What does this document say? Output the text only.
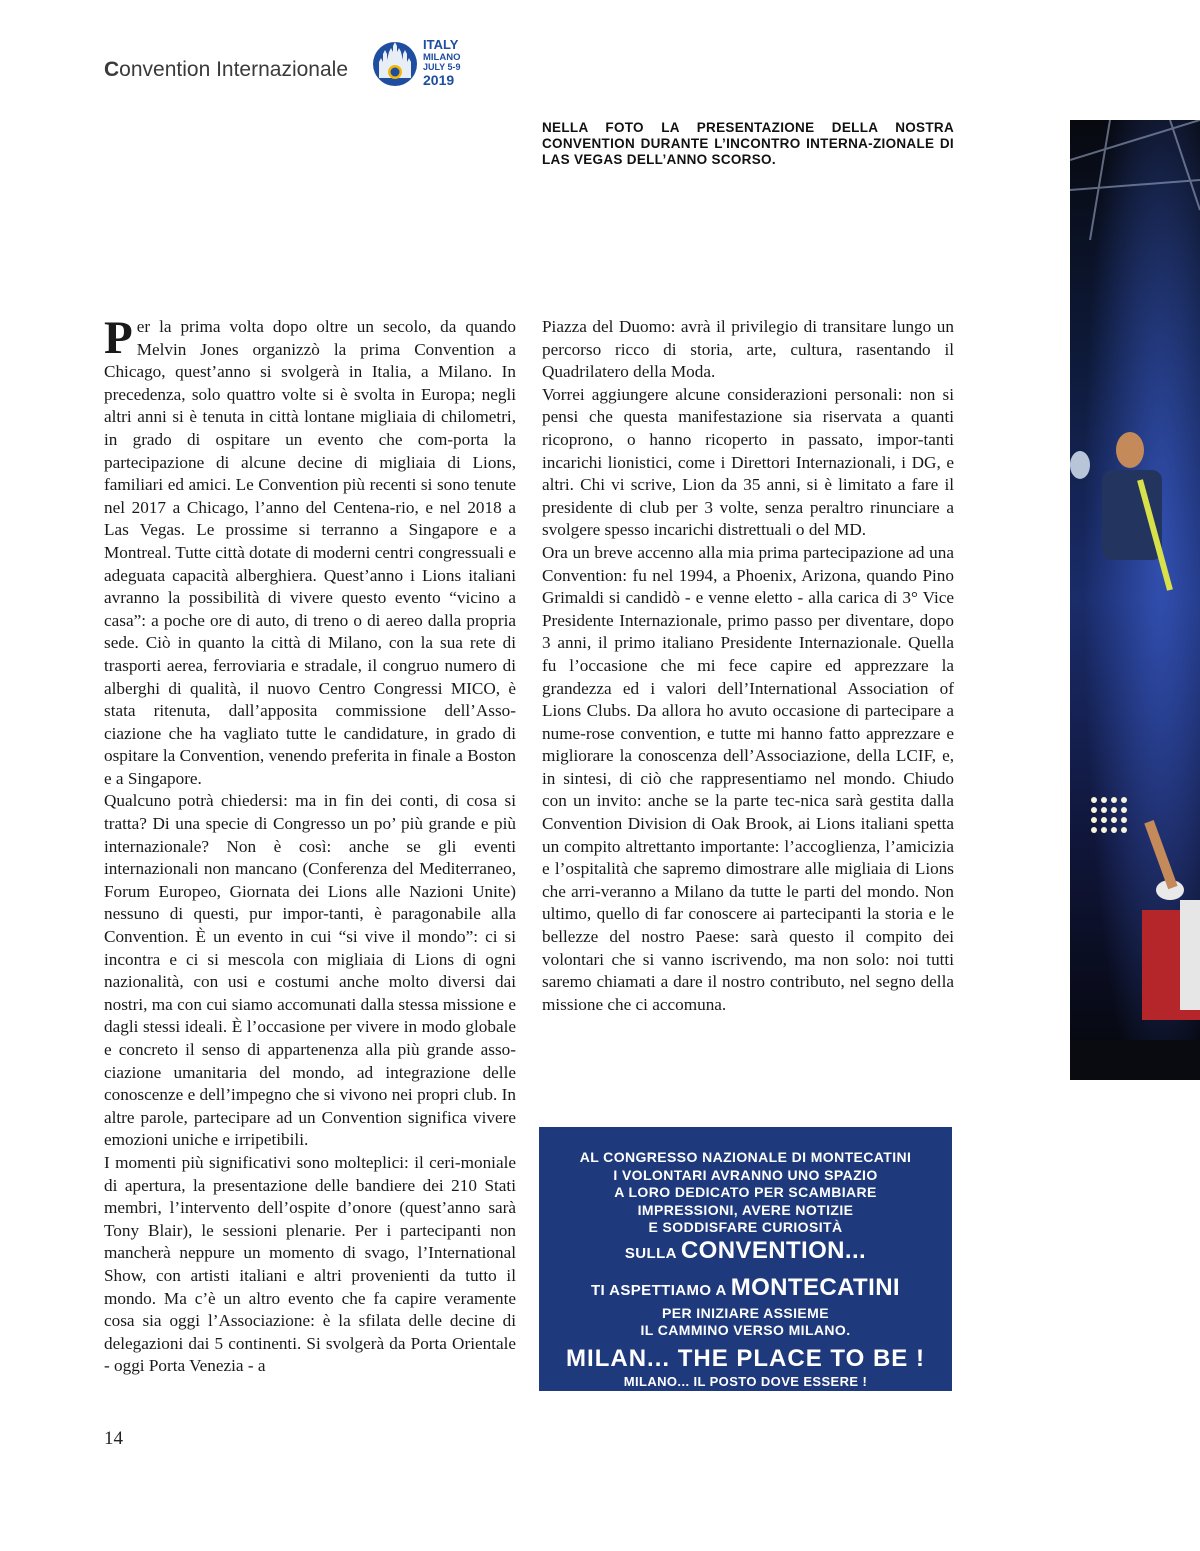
Convention Internazionale
ITALY
MILANO
JULY 5-9
2019
NELLA FOTO LA PRESENTAZIONE DELLA NOSTRA CONVENTION DURANTE L’INCONTRO INTERNA-ZIONALE DI LAS VEGAS DELL’ANNO SCORSO.

Per la prima volta dopo oltre un secolo, da quando Melvin Jones organizzò la prima Convention a Chicago, quest’anno si svolgerà in Italia, a Milano. In precedenza, solo quattro volte si è svolta in Europa; negli altri anni si è tenuta in città lontane migliaia di chilometri, in grado di ospitare un evento che com-porta la partecipazione di alcune decine di migliaia di Lions, familiari ed amici. Le Convention più recenti si sono tenute nel 2017 a Chicago, l’anno del Centena-rio, e nel 2018 a Las Vegas. Le prossime si terranno a Singapore e a Montreal. Tutte città dotate di moderni centri congressuali e adeguata capacità alberghiera. Quest’anno i Lions italiani avranno la possibilità di vivere questo evento “vicino a casa”: a poche ore di auto, di treno o di aereo dalla propria sede. Ciò in quanto la città di Milano, con la sua rete di trasporti aerea, ferroviaria e stradale, il congruo numero di alberghi di qualità, il nuovo Centro Congressi MICO, è stata ritenuta, dall’apposita commissione dell’Asso-ciazione che ha vagliato tutte le candidature, in grado di ospitare la Convention, venendo preferita in finale a Boston e a Singapore.

Qualcuno potrà chiedersi: ma in fin dei conti, di cosa si tratta? Di una specie di Congresso un po’ più grande e più internazionale? Non è così: anche se gli eventi internazionali non mancano (Conferenza del Mediterraneo, Forum Europeo, Giornata dei Lions alle Nazioni Unite) nessuno di questi, pur impor-tanti, è paragonabile alla Convention. È un evento in cui “si vive il mondo”: ci si incontra e ci si mescola con migliaia di Lions di ogni nazionalità, con usi e costumi anche molto diversi dai nostri, ma con cui siamo accomunati dalla stessa missione e dagli stessi ideali. È l’occasione per vivere in modo globale e concreto il senso di appartenenza alla più grande asso-ciazione umanitaria del mondo, ad integrazione delle conoscenze e dell’impegno che si vivono nei propri club. In altre parole, partecipare ad un Convention significa vivere emozioni uniche e irripetibili.

I momenti più significativi sono molteplici: il ceri-moniale di apertura, la presentazione delle bandiere dei 210 Stati membri, l’intervento dell’ospite d’onore (quest’anno sarà Tony Blair), le sessioni plenarie. Per i partecipanti non mancherà neppure un momento di svago, l’International Show, con artisti italiani e altri provenienti da tutto il mondo. Ma c’è un altro evento che fa capire veramente cosa sia oggi l’Associazione: è la sfilata delle decine di delegazioni dai 5 continenti. Si svolgerà da Porta Orientale - oggi Porta Venezia - a

Piazza del Duomo: avrà il privilegio di transitare lungo un percorso ricco di storia, arte, cultura, rasentando il Quadrilatero della Moda.

Vorrei aggiungere alcune considerazioni personali: non si pensi che questa manifestazione sia riservata a quanti ricoprono, o hanno ricoperto in passato, impor-tanti incarichi lionistici, come i Direttori Internazionali, i DG, e altri. Chi vi scrive, Lion da 35 anni, si è limitato a fare il presidente di club per 3 volte, senza peraltro rinunciare a svolgere spesso incarichi distrettuali o del MD.

Ora un breve accenno alla mia prima partecipazione ad una Convention: fu nel 1994, a Phoenix, Arizona, quando Pino Grimaldi si candidò - e venne eletto - alla carica di 3° Vice Presidente Internazionale, primo passo per diventare, dopo 3 anni, il primo italiano Presidente Internazionale. Quella fu l’occasione che mi fece capire ed apprezzare la grandezza ed i valori dell’International Association of Lions Clubs. Da allora ho avuto occasione di partecipare a nume-rose convention, e tutte mi hanno fatto apprezzare e migliorare la conoscenza dell’Associazione, della LCIF, e, in sintesi, di ciò che rappresentiamo nel mondo. Chiudo con un invito: anche se la parte tec-nica sarà gestita dalla Convention Division di Oak Brook, ai Lions italiani spetta un compito altrettanto importante: l’accoglienza, l’amicizia e l’ospitalità che sapremo dimostrare alle migliaia di Lions che arri-veranno a Milano da tutte le parti del mondo. Non ultimo, quello di far conoscere ai partecipanti la storia e le bellezze del nostro Paese: sarà questo il compito dei volontari che si vanno iscrivendo, ma non solo: noi tutti saremo chiamati a dare il nostro contributo, nel segno della missione che ci accomuna.

AL CONGRESSO NAZIONALE DI MONTECATINI
I VOLONTARI AVRANNO UNO SPAZIO
A LORO DEDICATO PER SCAMBIARE
IMPRESSIONI, AVERE NOTIZIE
E SODDISFARE CURIOSITÀ
SULLA CONVENTION...
TI ASPETTIAMO A MONTECATINI
PER INIZIARE ASSIEME
IL CAMMINO VERSO MILANO.
MILAN... THE PLACE TO BE !
MILANO... IL POSTO DOVE ESSERE !
14
